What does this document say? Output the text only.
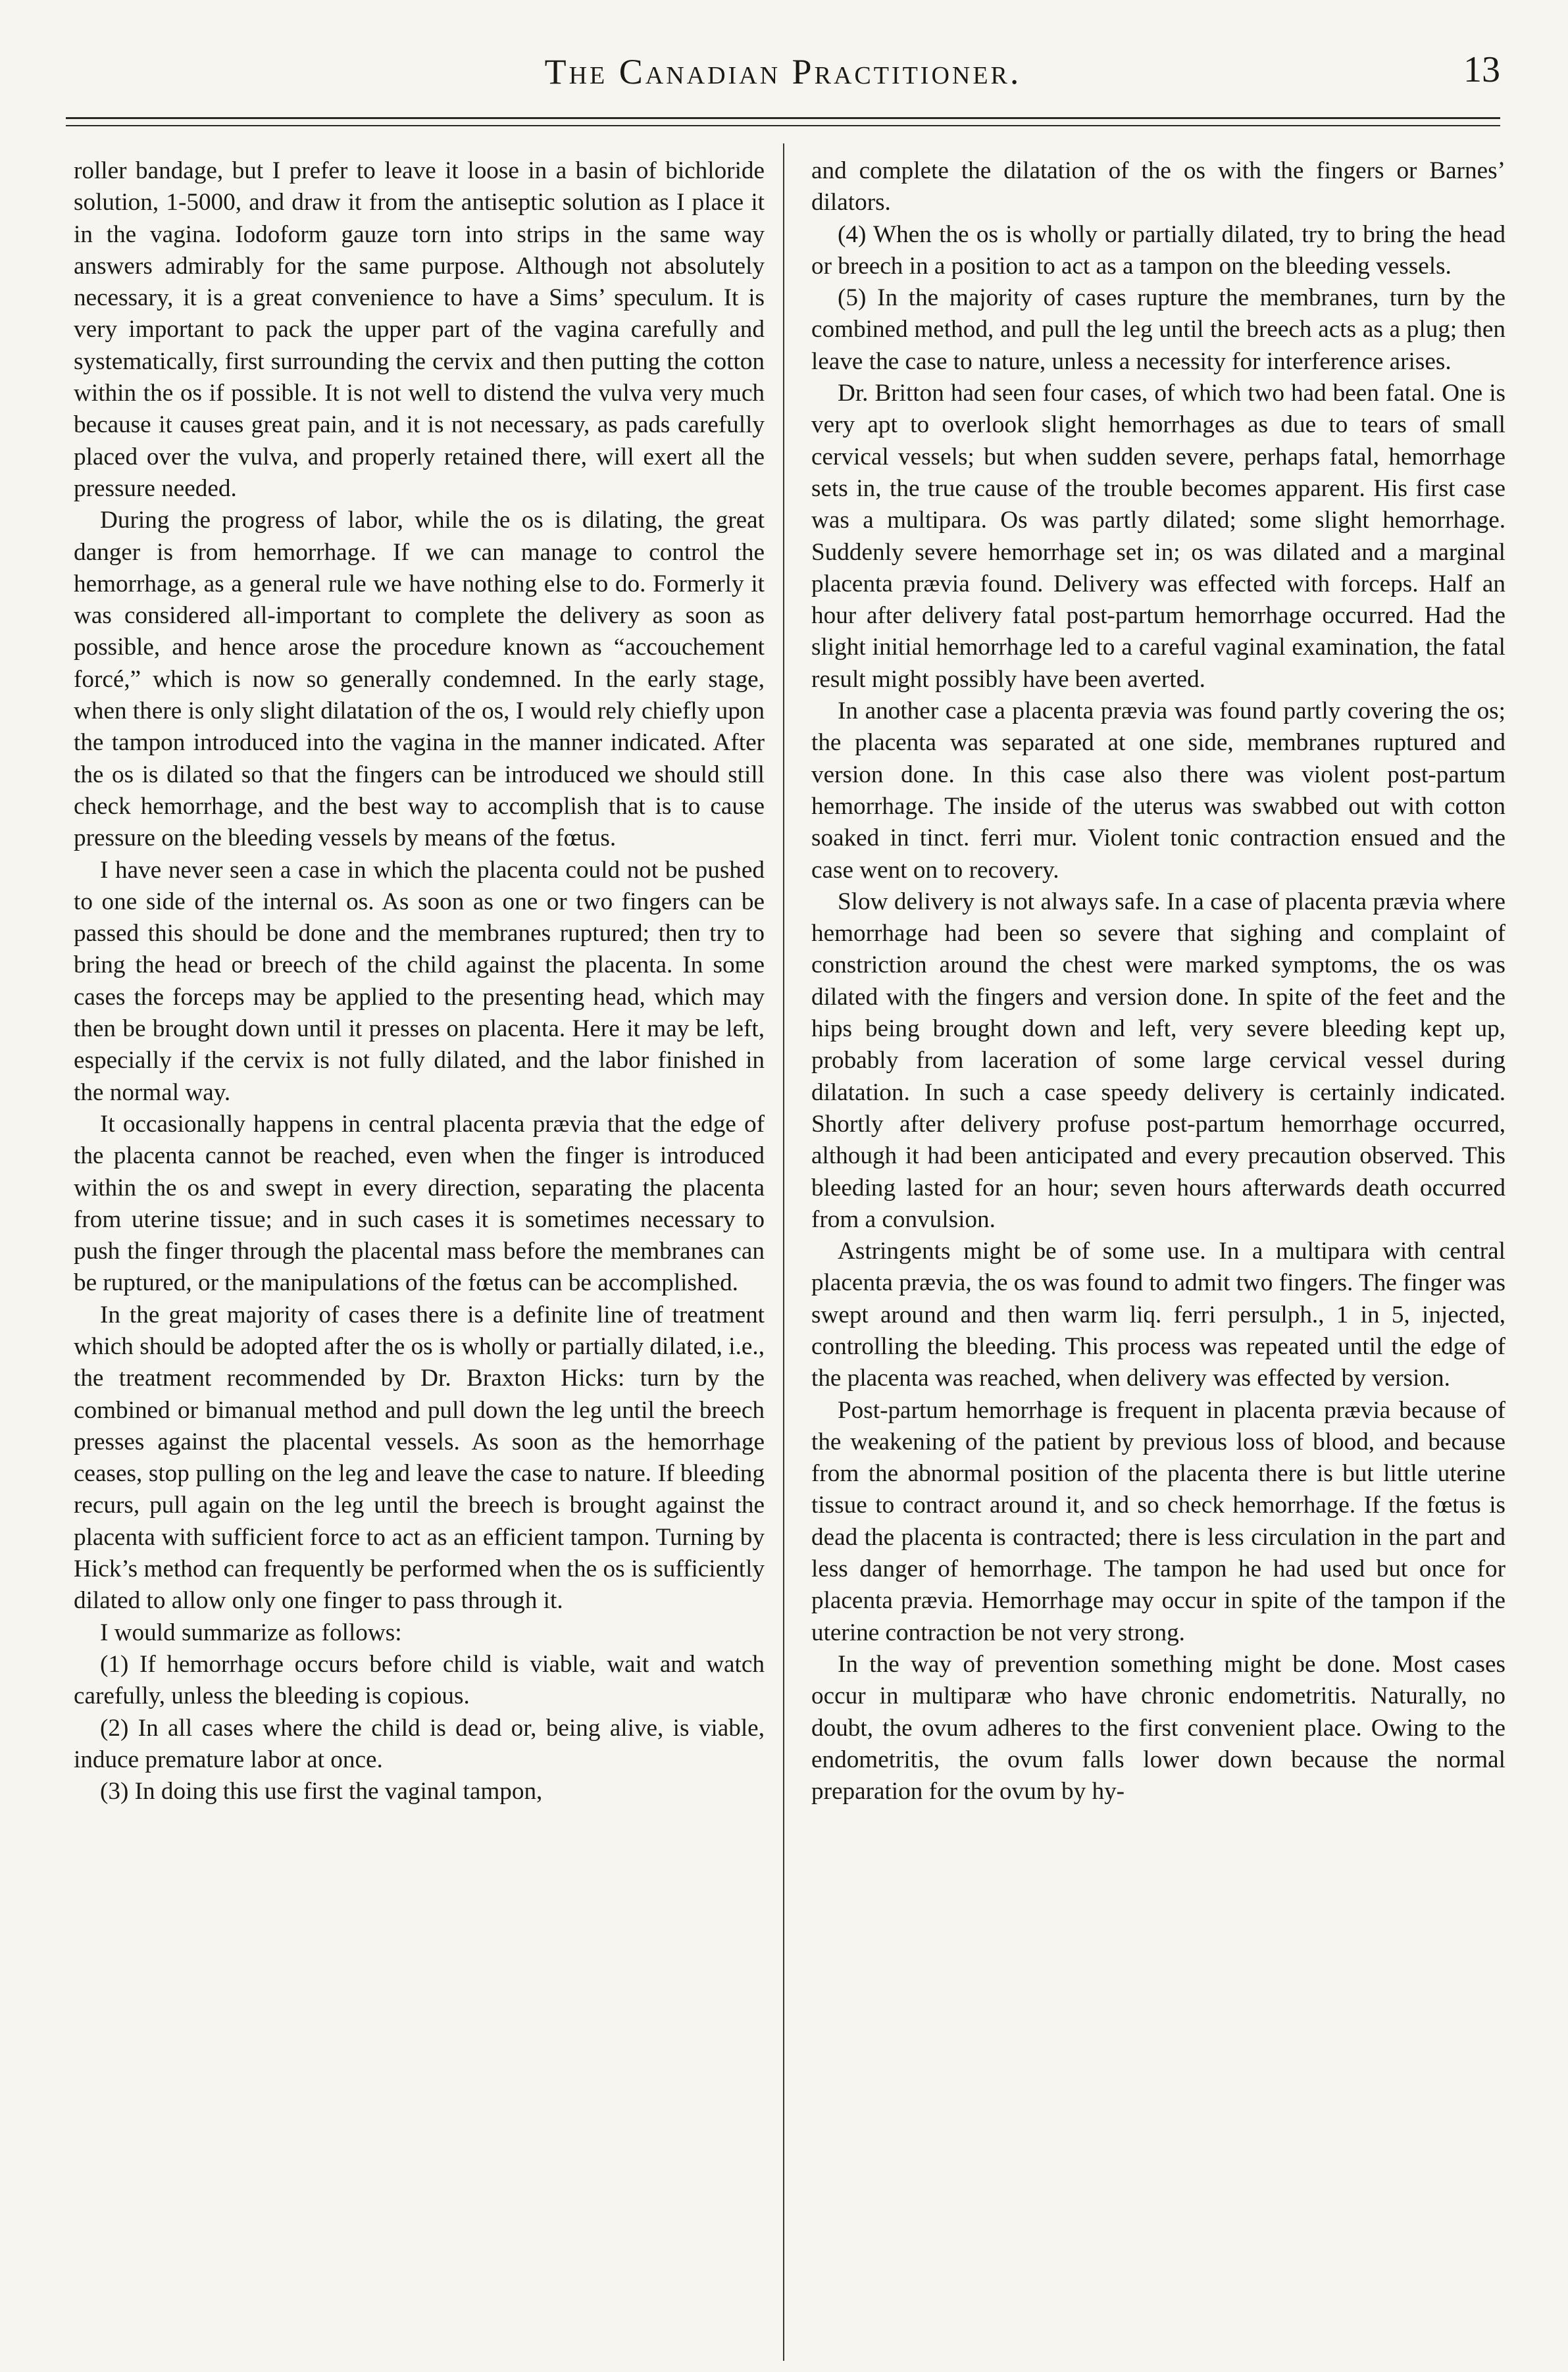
The Canadian Practitioner.	13

roller bandage, but I prefer to leave it loose in a basin of bichloride solution, 1-5000, and draw it from the antiseptic solution as I place it in the vagina. Iodoform gauze torn into strips in the same way answers admirably for the same purpose. Although not absolutely necessary, it is a great convenience to have a Sims’ speculum. It is very important to pack the upper part of the vagina carefully and systematically, first surrounding the cervix and then putting the cotton within the os if possible. It is not well to distend the vulva very much because it causes great pain, and it is not necessary, as pads carefully placed over the vulva, and properly retained there, will exert all the pressure needed.

During the progress of labor, while the os is dilating, the great danger is from hemorrhage. If we can manage to control the hemorrhage, as a general rule we have nothing else to do. Formerly it was considered all-important to complete the delivery as soon as possible, and hence arose the procedure known as “accouchement forcé,” which is now so generally condemned. In the early stage, when there is only slight dilatation of the os, I would rely chiefly upon the tampon introduced into the vagina in the manner indicated. After the os is dilated so that the fingers can be introduced we should still check hemorrhage, and the best way to accomplish that is to cause pressure on the bleeding vessels by means of the fœtus.

I have never seen a case in which the placenta could not be pushed to one side of the internal os. As soon as one or two fingers can be passed this should be done and the membranes ruptured; then try to bring the head or breech of the child against the placenta. In some cases the forceps may be applied to the presenting head, which may then be brought down until it presses on placenta. Here it may be left, especially if the cervix is not fully dilated, and the labor finished in the normal way.

It occasionally happens in central placenta prævia that the edge of the placenta cannot be reached, even when the finger is introduced within the os and swept in every direction, separating the placenta from uterine tissue; and in such cases it is sometimes necessary to push the finger through the placental mass before the membranes can be ruptured, or the manipulations of the fœtus can be accomplished.

In the great majority of cases there is a definite line of treatment which should be adopted after the os is wholly or partially dilated, i.e., the treatment recommended by Dr. Braxton Hicks: turn by the combined or bimanual method and pull down the leg until the breech presses against the placental vessels. As soon as the hemorrhage ceases, stop pulling on the leg and leave the case to nature. If bleeding recurs, pull again on the leg until the breech is brought against the placenta with sufficient force to act as an efficient tampon. Turning by Hick’s method can frequently be performed when the os is sufficiently dilated to allow only one finger to pass through it.

I would summarize as follows:

(1) If hemorrhage occurs before child is viable, wait and watch carefully, unless the bleeding is copious.

(2) In all cases where the child is dead or, being alive, is viable, induce premature labor at once.

(3) In doing this use first the vaginal tampon,

and complete the dilatation of the os with the fingers or Barnes’ dilators.

(4) When the os is wholly or partially dilated, try to bring the head or breech in a position to act as a tampon on the bleeding vessels.

(5) In the majority of cases rupture the membranes, turn by the combined method, and pull the leg until the breech acts as a plug; then leave the case to nature, unless a necessity for interference arises.

Dr. Britton had seen four cases, of which two had been fatal. One is very apt to overlook slight hemorrhages as due to tears of small cervical vessels; but when sudden severe, perhaps fatal, hemorrhage sets in, the true cause of the trouble becomes apparent. His first case was a multipara. Os was partly dilated; some slight hemorrhage. Suddenly severe hemorrhage set in; os was dilated and a marginal placenta prævia found. Delivery was effected with forceps. Half an hour after delivery fatal post-partum hemorrhage occurred. Had the slight initial hemorrhage led to a careful vaginal examination, the fatal result might possibly have been averted.

In another case a placenta prævia was found partly covering the os; the placenta was separated at one side, membranes ruptured and version done. In this case also there was violent post-partum hemorrhage. The inside of the uterus was swabbed out with cotton soaked in tinct. ferri mur. Violent tonic contraction ensued and the case went on to recovery.

Slow delivery is not always safe. In a case of placenta prævia where hemorrhage had been so severe that sighing and complaint of constriction around the chest were marked symptoms, the os was dilated with the fingers and version done. In spite of the feet and the hips being brought down and left, very severe bleeding kept up, probably from laceration of some large cervical vessel during dilatation. In such a case speedy delivery is certainly indicated. Shortly after delivery profuse post-partum hemorrhage occurred, although it had been anticipated and every precaution observed. This bleeding lasted for an hour; seven hours afterwards death occurred from a convulsion.

Astringents might be of some use. In a multipara with central placenta prævia, the os was found to admit two fingers. The finger was swept around and then warm liq. ferri persulph., 1 in 5, injected, controlling the bleeding. This process was repeated until the edge of the placenta was reached, when delivery was effected by version.

Post-partum hemorrhage is frequent in placenta prævia because of the weakening of the patient by previous loss of blood, and because from the abnormal position of the placenta there is but little uterine tissue to contract around it, and so check hemorrhage. If the fœtus is dead the placenta is contracted; there is less circulation in the part and less danger of hemorrhage. The tampon he had used but once for placenta prævia. Hemorrhage may occur in spite of the tampon if the uterine contraction be not very strong.

In the way of prevention something might be done. Most cases occur in multiparæ who have chronic endometritis. Naturally, no doubt, the ovum adheres to the first convenient place. Owing to the endometritis, the ovum falls lower down because the normal preparation for the ovum by hy-
